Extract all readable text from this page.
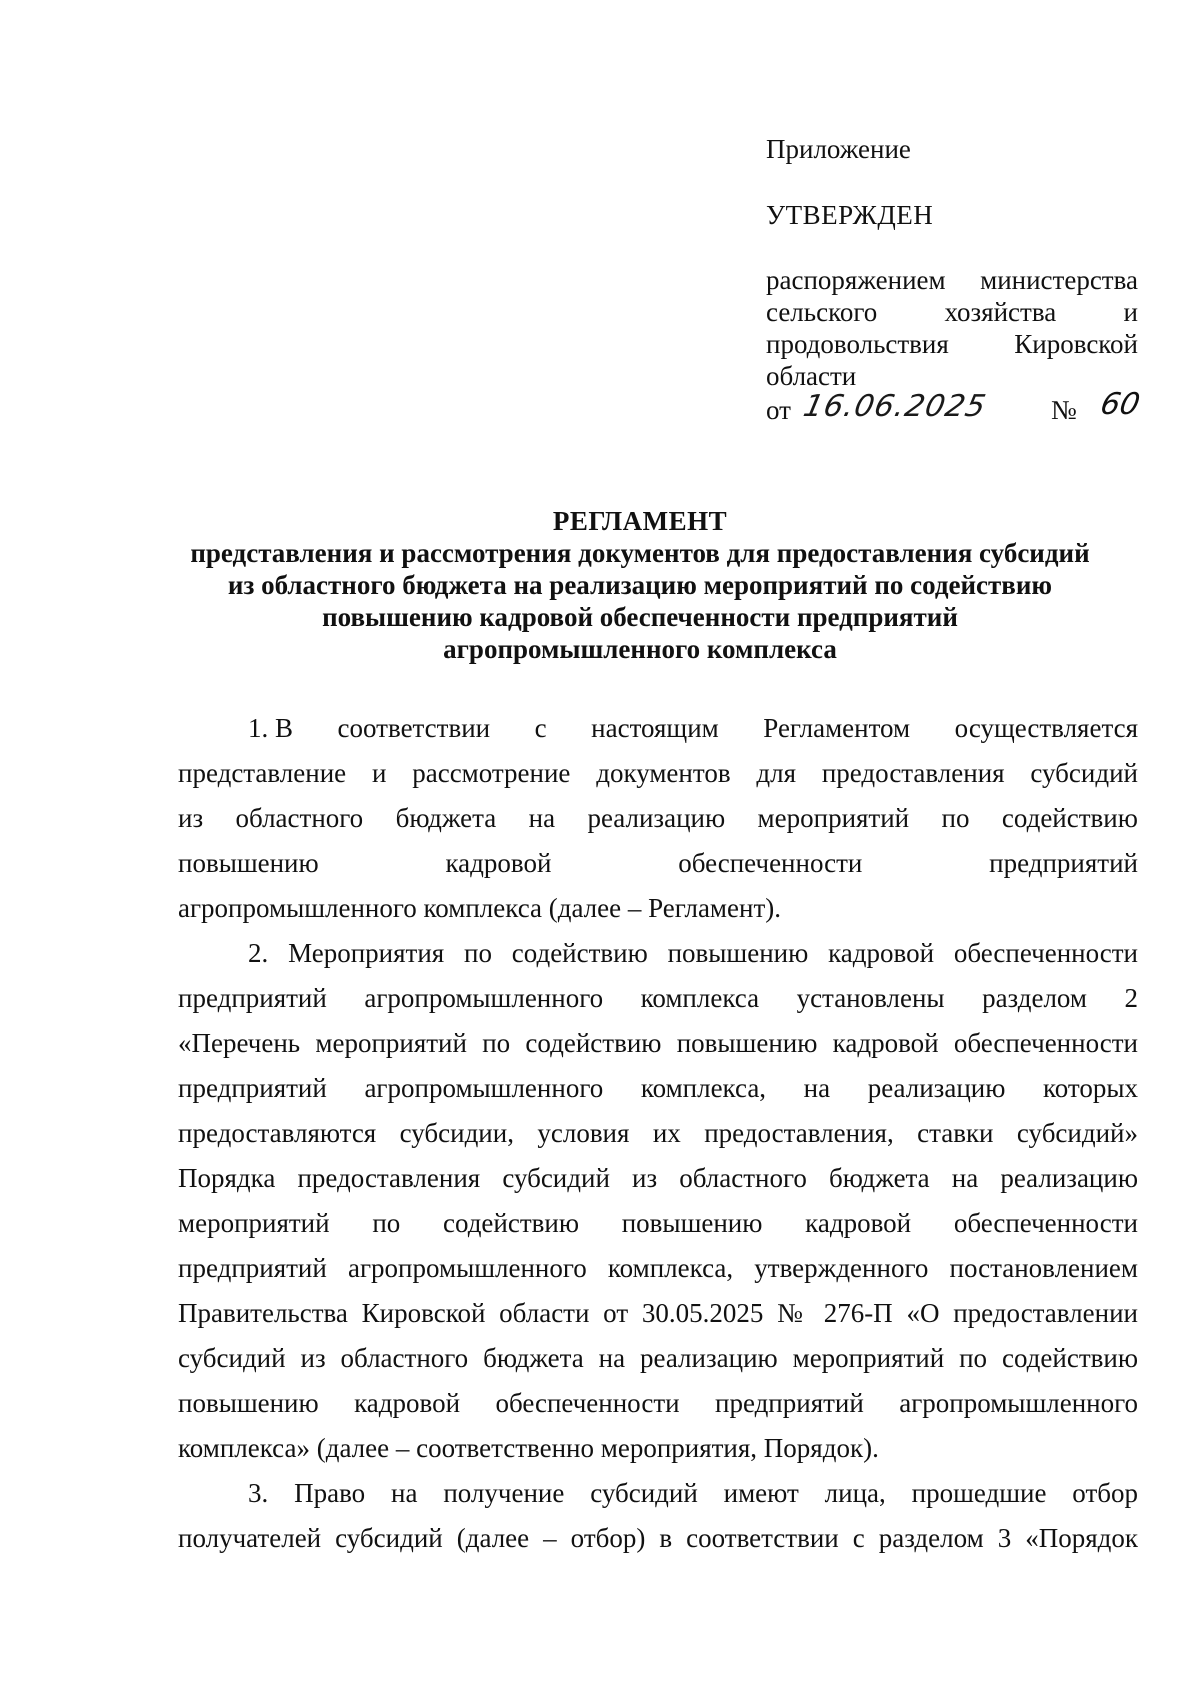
Приложение
УТВЕРЖДЕН
распоряжением министерства
сельского хозяйства и
продовольствия Кировской
области
от 16.06.2025 № 60
РЕГЛАМЕНТ
представления и рассмотрения документов для предоставления субсидий
из областного бюджета на реализацию мероприятий по содействию
повышению кадровой обеспеченности предприятий
агропромышленного комплекса
1. В соответствии с настоящим Регламентом осуществляется
представление и рассмотрение документов для предоставления субсидий
из областного бюджета на реализацию мероприятий по содействию
повышению	кадровой	обеспеченности	предприятий
агропромышленного комплекса (далее – Регламент).
2. Мероприятия по содействию повышению кадровой обеспеченности
предприятий агропромышленного комплекса установлены разделом 2
«Перечень мероприятий по содействию повышению кадровой обеспеченности
предприятий агропромышленного комплекса, на реализацию которых
предоставляются субсидии, условия их предоставления, ставки субсидий»
Порядка предоставления субсидий из областного бюджета на реализацию
мероприятий по содействию повышению кадровой обеспеченности
предприятий агропромышленного комплекса, утвержденного постановлением
Правительства Кировской области от 30.05.2025 № 276-П «О предоставлении
субсидий из областного бюджета на реализацию мероприятий по содействию
повышению кадровой обеспеченности предприятий агропромышленного
комплекса» (далее – соответственно мероприятия, Порядок).
3. Право на получение субсидий имеют лица, прошедшие отбор
получателей субсидий (далее – отбор) в соответствии с разделом 3 «Порядок
